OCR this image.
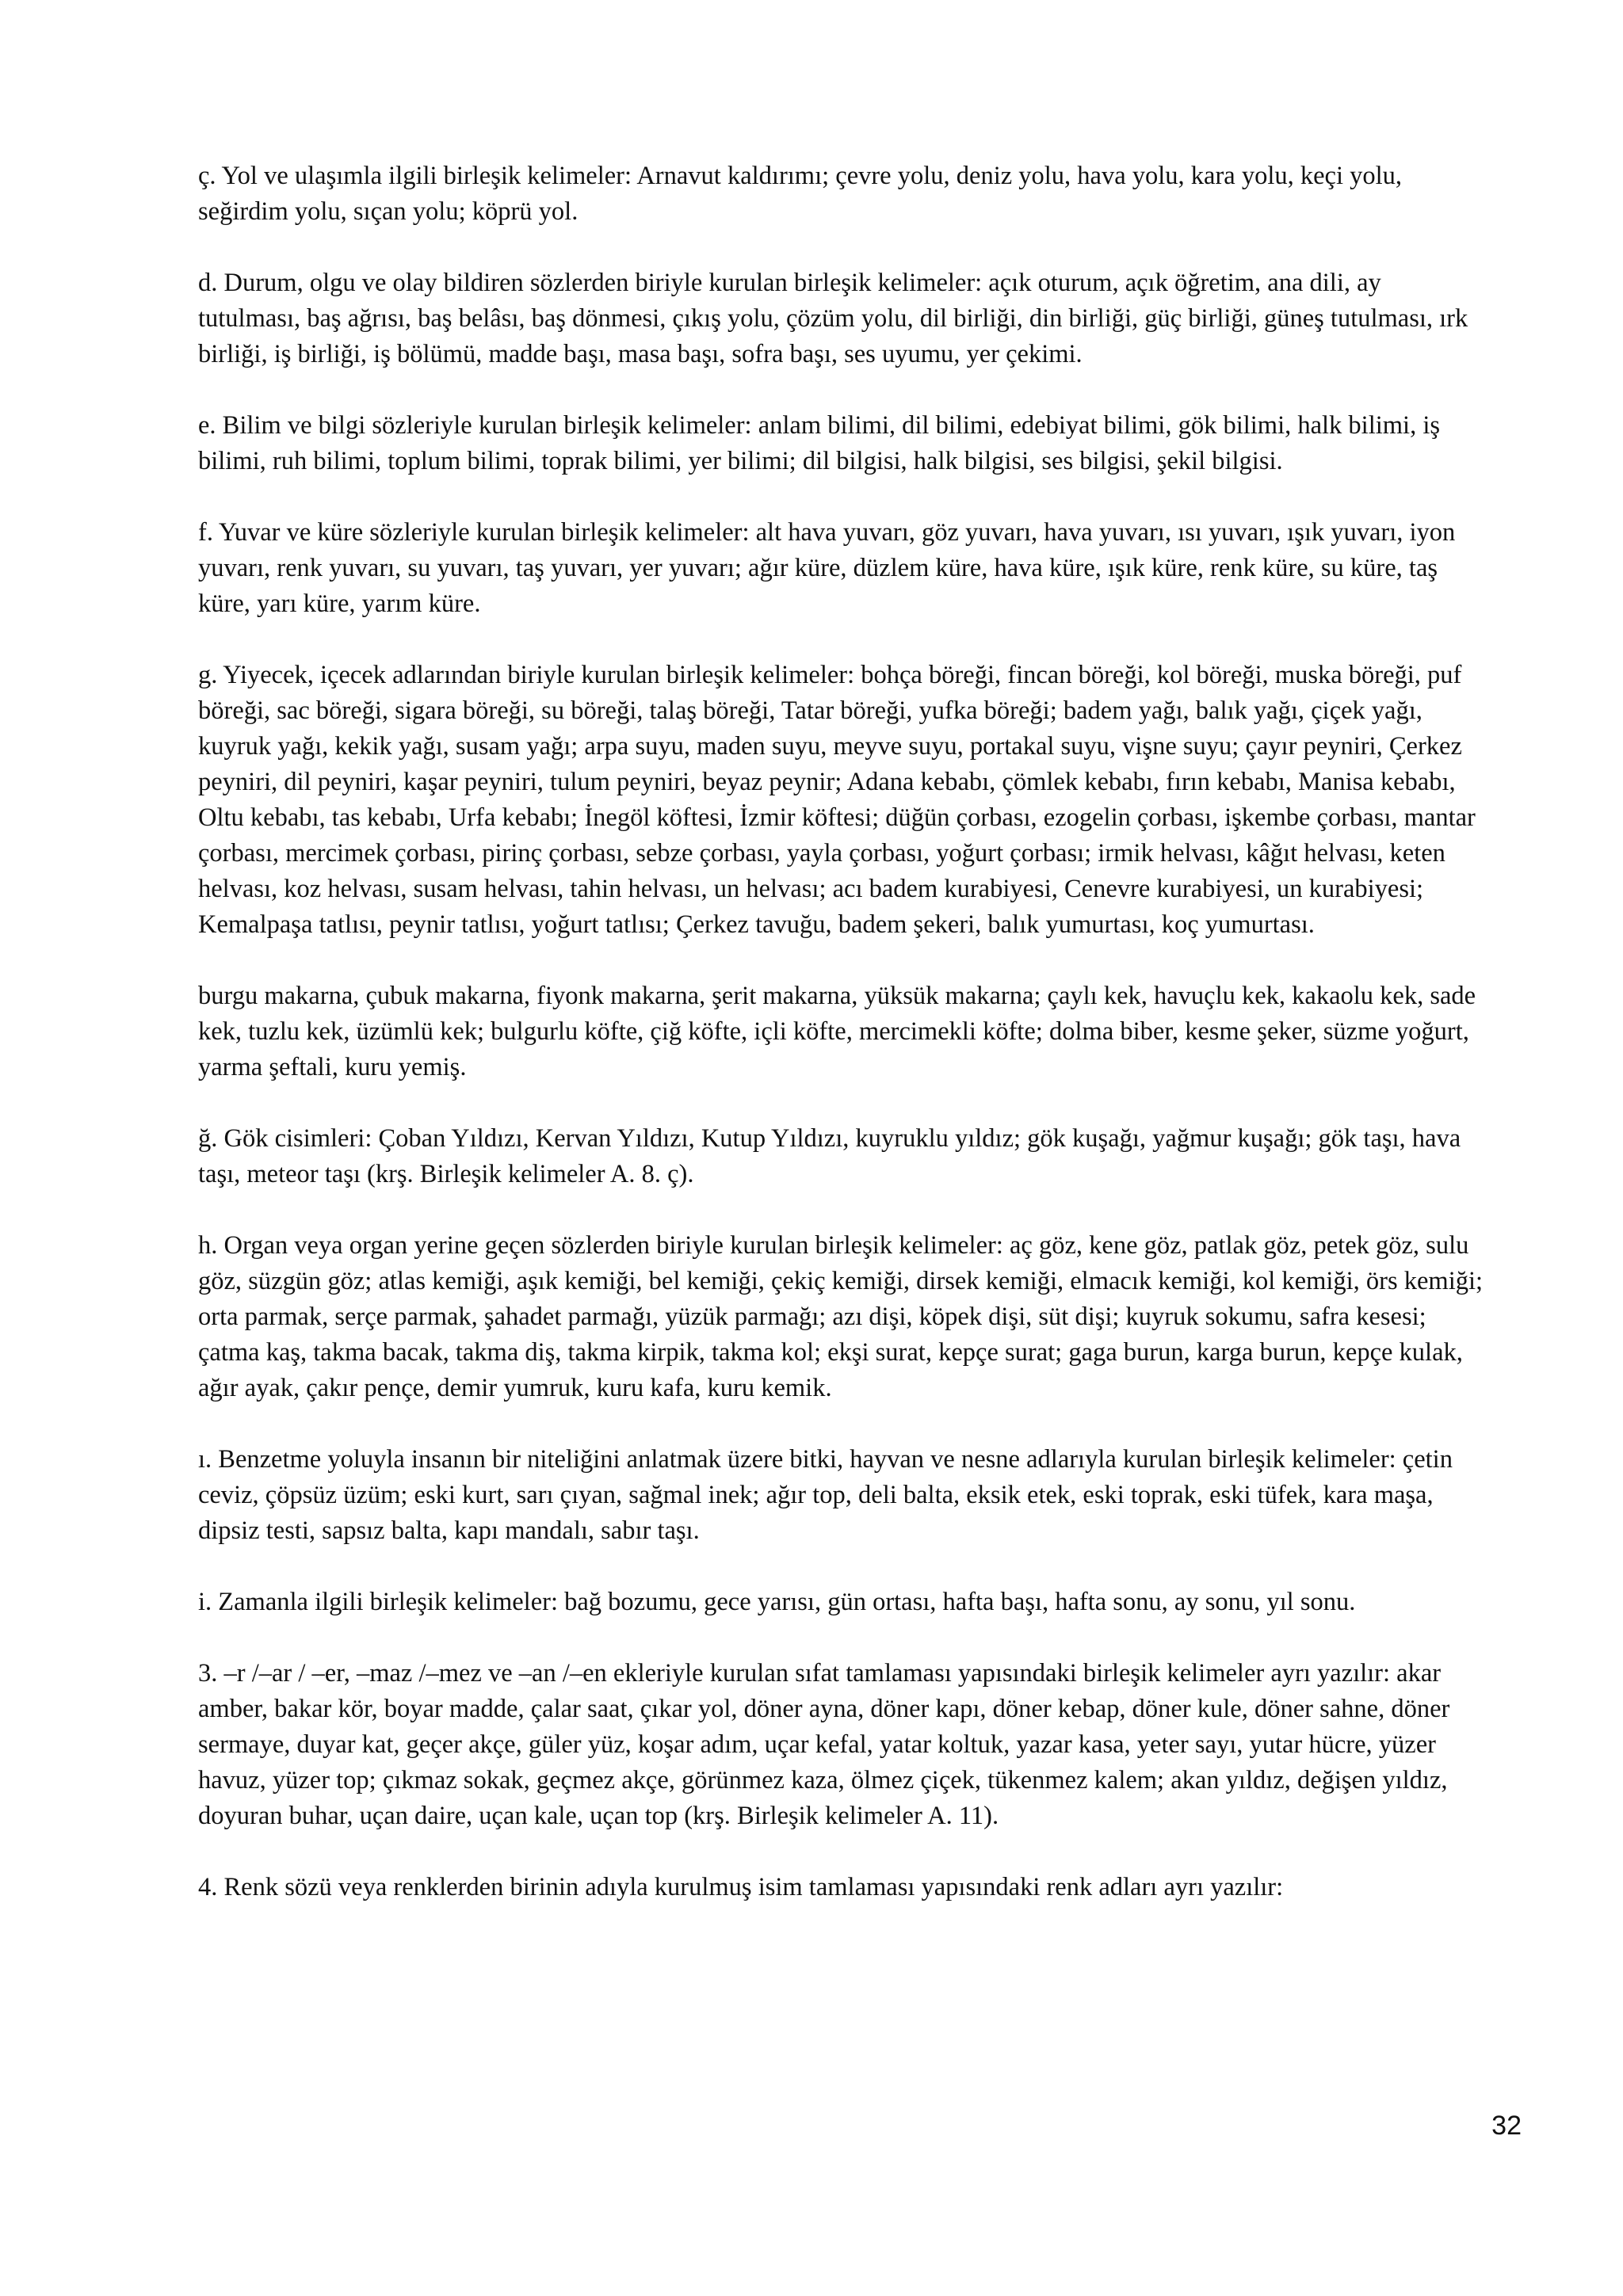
ç. Yol ve ulaşımla ilgili birleşik kelimeler: Arnavut kaldırımı; çevre yolu, deniz yolu, hava yolu, kara yolu, keçi yolu, seğirdim yolu, sıçan yolu; köprü yol.

d. Durum, olgu ve olay bildiren sözlerden biriyle kurulan birleşik kelimeler: açık oturum, açık öğretim, ana dili, ay tutulması, baş ağrısı, baş belâsı, baş dönmesi, çıkış yolu, çözüm yolu, dil birliği, din birliği, güç birliği, güneş tutulması, ırk birliği, iş birliği, iş bölümü, madde başı, masa başı, sofra başı, ses uyumu, yer çekimi.

e. Bilim ve bilgi sözleriyle kurulan birleşik kelimeler: anlam bilimi, dil bilimi, edebiyat bilimi, gök bilimi, halk bilimi, iş bilimi, ruh bilimi, toplum bilimi, toprak bilimi, yer bilimi; dil bilgisi, halk bilgisi, ses bilgisi, şekil bilgisi.

f. Yuvar ve küre sözleriyle kurulan birleşik kelimeler: alt hava yuvarı, göz yuvarı, hava yuvarı, ısı yuvarı, ışık yuvarı, iyon yuvarı, renk yuvarı, su yuvarı, taş yuvarı, yer yuvarı; ağır küre, düzlem küre, hava küre, ışık küre, renk küre, su küre, taş küre, yarı küre, yarım küre.

g. Yiyecek, içecek adlarından biriyle kurulan birleşik kelimeler: bohça böreği, fincan böreği, kol böreği, muska böreği, puf böreği, sac böreği, sigara böreği, su böreği, talaş böreği, Tatar böreği, yufka böreği; badem yağı, balık yağı, çiçek yağı, kuyruk yağı, kekik yağı, susam yağı; arpa suyu, maden suyu, meyve suyu, portakal suyu, vişne suyu; çayır peyniri, Çerkez peyniri, dil peyniri, kaşar peyniri, tulum peyniri, beyaz peynir; Adana kebabı, çömlek kebabı, fırın kebabı, Manisa kebabı, Oltu kebabı, tas kebabı, Urfa kebabı; İnegöl köftesi, İzmir köftesi; düğün çorbası, ezogelin çorbası, işkembe çorbası, mantar çorbası, mercimek çorbası, pirinç çorbası, sebze çorbası, yayla çorbası, yoğurt çorbası; irmik helvası, kâğıt helvası, keten helvası, koz helvası, susam helvası, tahin helvası, un helvası; acı badem kurabiyesi, Cenevre kurabiyesi, un kurabiyesi; Kemalpaşa tatlısı, peynir tatlısı, yoğurt tatlısı; Çerkez tavuğu, badem şekeri, balık yumurtası, koç yumurtası.

burgu makarna, çubuk makarna, fiyonk makarna, şerit makarna, yüksük makarna; çaylı kek, havuçlu kek, kakaolu kek, sade kek, tuzlu kek, üzümlü kek; bulgurlu köfte, çiğ köfte, içli köfte, mercimekli köfte; dolma biber, kesme şeker, süzme yoğurt, yarma şeftali, kuru yemiş.

ğ. Gök cisimleri: Çoban Yıldızı, Kervan Yıldızı, Kutup Yıldızı, kuyruklu yıldız; gök kuşağı, yağmur kuşağı; gök taşı, hava taşı, meteor taşı (krş. Birleşik kelimeler A. 8. ç).

h. Organ veya organ yerine geçen sözlerden biriyle kurulan birleşik kelimeler: aç göz, kene göz, patlak göz, petek göz, sulu göz, süzgün göz; atlas kemiği, aşık kemiği, bel kemiği, çekiç kemiği, dirsek kemiği, elmacık kemiği, kol kemiği, örs kemiği; orta parmak, serçe parmak, şahadet parmağı, yüzük parmağı; azı dişi, köpek dişi, süt dişi; kuyruk sokumu, safra kesesi; çatma kaş, takma bacak, takma diş, takma kirpik, takma kol; ekşi surat, kepçe surat; gaga burun, karga burun, kepçe kulak, ağır ayak, çakır pençe, demir yumruk, kuru kafa, kuru kemik.

ı. Benzetme yoluyla insanın bir niteliğini anlatmak üzere bitki, hayvan ve nesne adlarıyla kurulan birleşik kelimeler: çetin ceviz, çöpsüz üzüm; eski kurt, sarı çıyan, sağmal inek; ağır top, deli balta, eksik etek, eski toprak, eski tüfek, kara maşa, dipsiz testi, sapsız balta, kapı mandalı, sabır taşı.

i. Zamanla ilgili birleşik kelimeler: bağ bozumu, gece yarısı, gün ortası, hafta başı, hafta sonu, ay sonu, yıl sonu.

3. –r /–ar / –er, –maz /–mez ve –an /–en ekleriyle kurulan sıfat tamlaması yapısındaki birleşik kelimeler ayrı yazılır: akar amber, bakar kör, boyar madde, çalar saat, çıkar yol, döner ayna, döner kapı, döner kebap, döner kule, döner sahne, döner sermaye, duyar kat, geçer akçe, güler yüz, koşar adım, uçar kefal, yatar koltuk, yazar kasa, yeter sayı, yutar hücre, yüzer havuz, yüzer top; çıkmaz sokak, geçmez akçe, görünmez kaza, ölmez çiçek, tükenmez kalem; akan yıldız, değişen yıldız, doyuran buhar, uçan daire, uçan kale, uçan top (krş. Birleşik kelimeler A. 11).

4. Renk sözü veya renklerden birinin adıyla kurulmuş isim tamlaması yapısındaki renk adları ayrı yazılır:

32
